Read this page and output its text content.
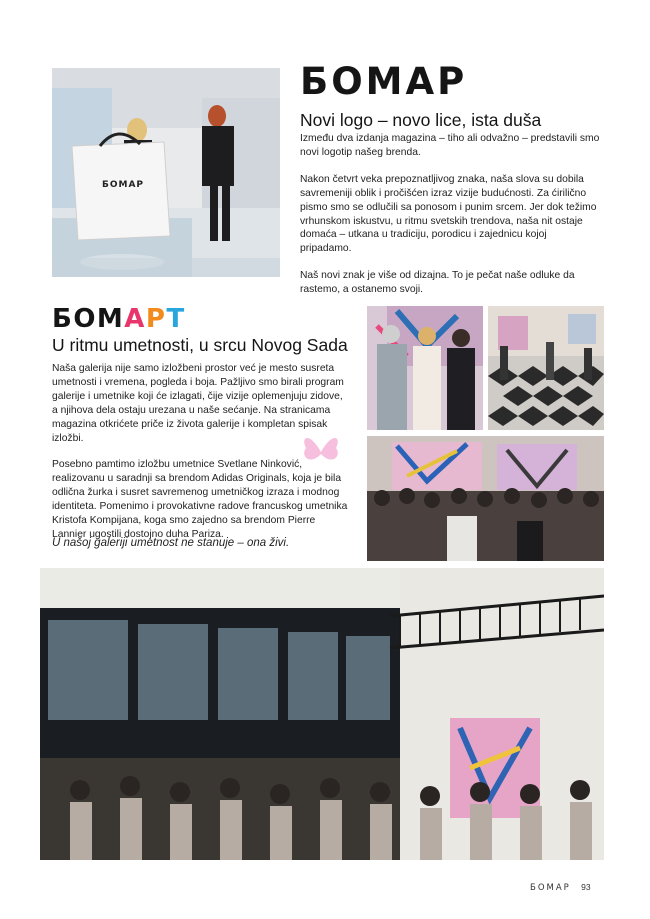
БОМАР
БОМАР
Novi logo – novo lice, ista duša

Između dva izdanja magazina – tiho ali odvažno – predstavili smo novi logotip našeg brenda.

Nakon četvrt veka prepoznatljivog znaka, naša slova su dobila savremeniji oblik i pročišćen izraz vizije budućnosti. Za ćirilično pismo smo se odlučili sa ponosom i punim srcem. Jer dok težimo vrhunskom iskustvu, u ritmu svetskih trendova, naša nit ostaje domaća – utkana u tradiciju, porodicu i zajednicu kojoj pripadamo.

Naš novi znak je više od dizajna. To je pečat naše odluke da rastemo, a ostanemo svoji.

БОМАРТ
U ritmu umetnosti, u srcu Novog Sada

Naša galerija nije samo izložbeni prostor već je mesto susreta umetnosti i vremena, pogleda i boja. Pažljivo smo birali program galerije i umetnike koji će izlagati, čije vizije oplemenjuju zidove, a njihova dela ostaju urezana u naše sećanje. Na stranicama magazina otkrićete priče iz života galerije i kompletan spisak izložbi.

Posebno pamtimo izložbu umetnice Svetlane Ninković, realizovanu u saradnji sa brendom Adidas Originals, koja je bila odlična žurka i susret savremenog umetničkog izraza i modnog identiteta. Pomenimo i provokativne radove francuskog umetnika Kristofa Kompijana, koga smo zajedno sa brendom Pierre Lannier ugostili dostojno duha Pariza.

U našoj galeriji umetnost ne stanuje – ona živi.
БОМАР 93
